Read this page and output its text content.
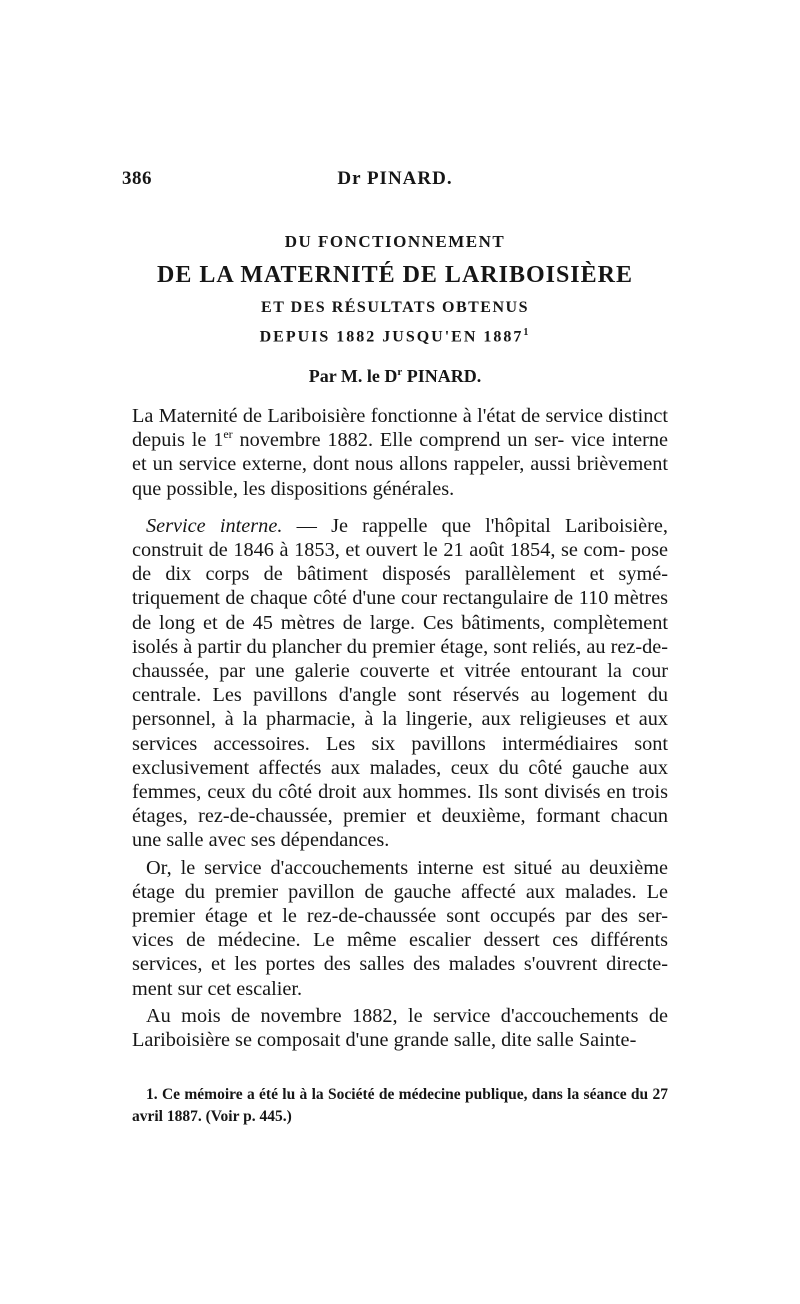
386	Dr PINARD.
DU FONCTIONNEMENT
DE LA MATERNITÉ DE LARIBOISIÈRE
ET DES RÉSULTATS OBTENUS
DEPUIS 1882 JUSQU'EN 1887$^1$
Par M. le $D^r$ PINARD.

La Maternité de Lariboisière fonctionne à l'état de service distinct depuis le 1er novembre 1882. Elle comprend un ser- vice interne et un service externe, dont nous allons rappeler, aussi brièvement que possible, les dispositions générales.

Service interne. — Je rappelle que l'hôpital Lariboisière, construit de 1846 à 1853, et ouvert le 21 août 1854, se com- pose de dix corps de bâtiment disposés parallèlement et symé- triquement de chaque côté d'une cour rectangulaire de 110 mètres de long et de 45 mètres de large. Ces bâtiments, complètement isolés à partir du plancher du premier étage, sont reliés, au rez-de-chaussée, par une galerie couverte et vitrée entourant la cour centrale. Les pavillons d'angle sont réservés au logement du personnel, à la pharmacie, à la lingerie, aux religieuses et aux services accessoires. Les six pavillons intermédiaires sont exclusivement affectés aux malades, ceux du côté gauche aux femmes, ceux du côté droit aux hommes. Ils sont divisés en trois étages, rez-de-chaussée, premier et deuxième, formant chacun une salle avec ses dépendances.

Or, le service d'accouchements interne est situé au deuxième étage du premier pavillon de gauche affecté aux malades. Le premier étage et le rez-de-chaussée sont occupés par des ser- vices de médecine. Le même escalier dessert ces différents services, et les portes des salles des malades s'ouvrent directe- ment sur cet escalier.

Au mois de novembre 1882, le service d'accouchements de Lariboisière se composait d'une grande salle, dite salle Sainte-

1. Ce mémoire a été lu à la Société de médecine publique, dans la séance du 27 avril 1887. (Voir p. 445.)
